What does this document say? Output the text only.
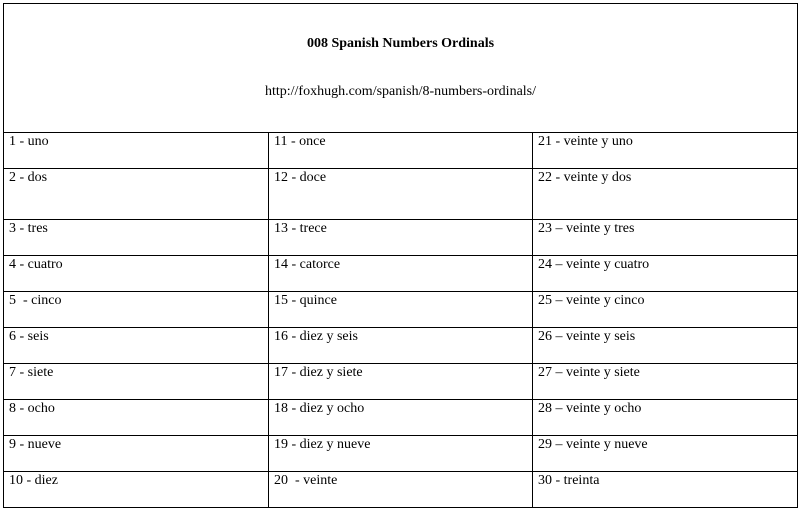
008 Spanish Numbers Ordinals

http://foxhugh.com/spanish/8-numbers-ordinals/		

1 - uno	11 - once	21 - veinte y uno
2 - dos	12 - doce	22 - veinte y dos
3 - tres	13 - trece	23 – veinte y tres
4 - cuatro	14 - catorce	24 – veinte y cuatro
5  - cinco	15 - quince	25 – veinte y cinco
6 - seis	16 - diez y seis	26 – veinte y seis
7 - siete	17 - diez y siete	27 – veinte y siete
8 - ocho	18 - diez y ocho	28 – veinte y ocho
9 - nueve	19 - diez y nueve	29 – veinte y nueve
10 - diez	20  - veinte	30 - treinta
